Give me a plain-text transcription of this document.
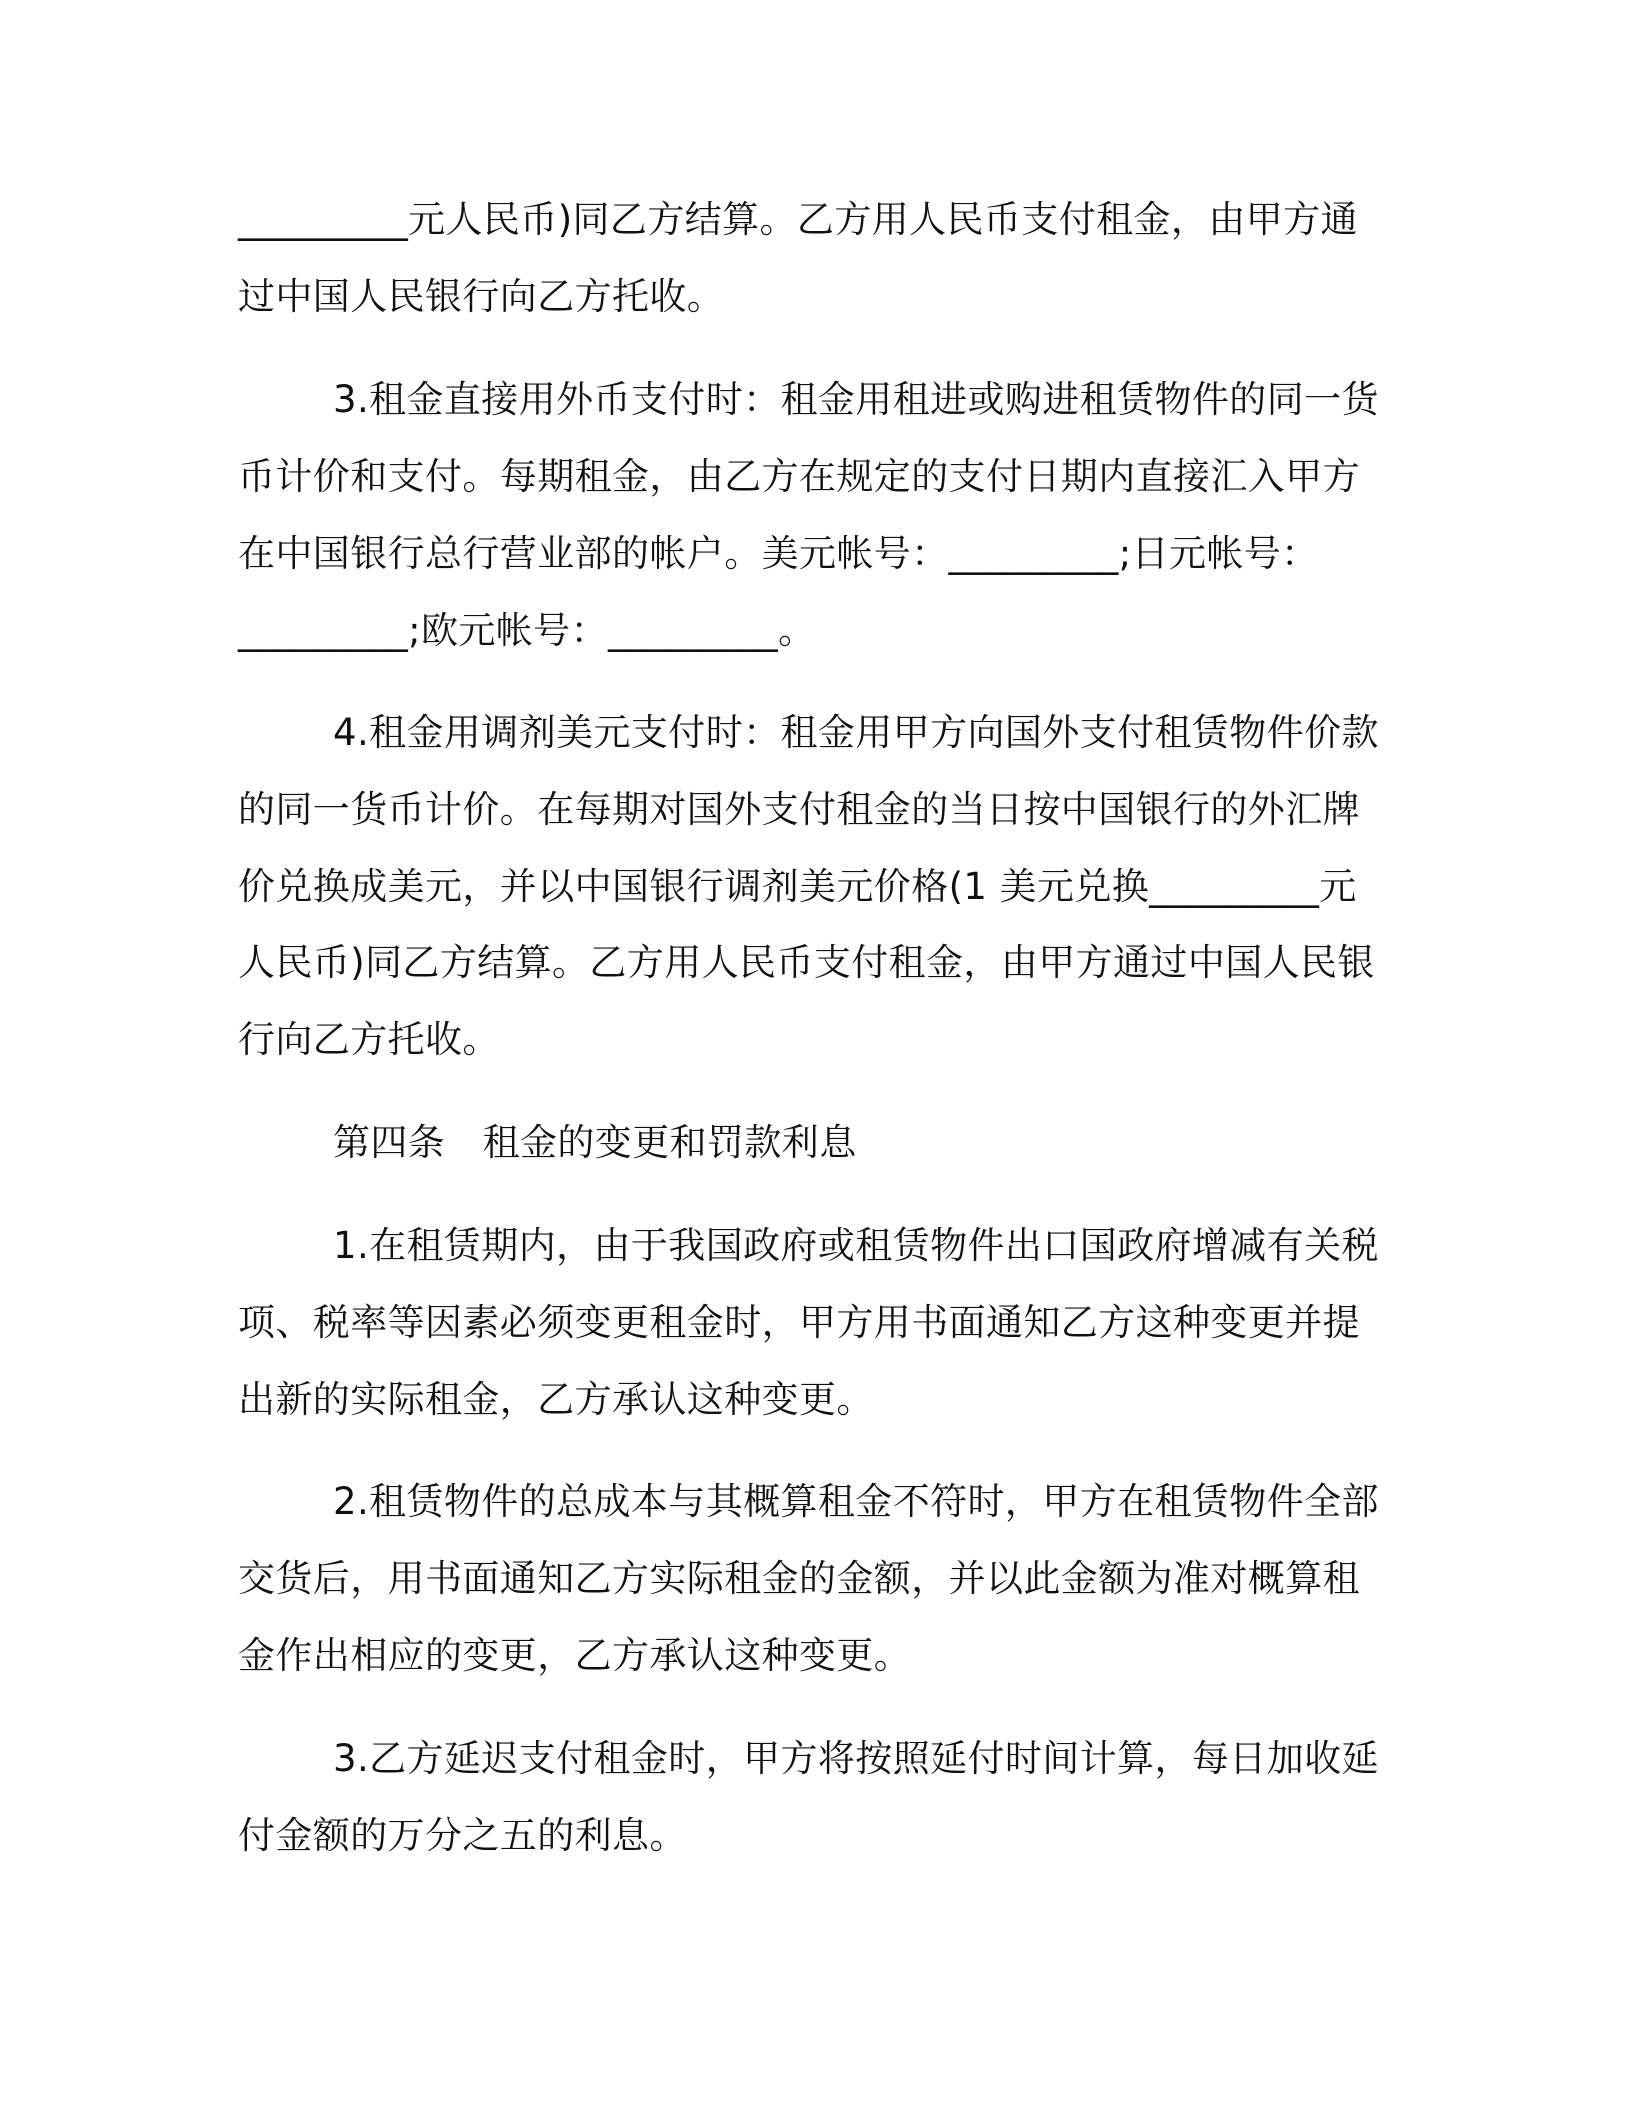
_________元人民币)同乙方结算。乙方用人民币支付租金，由甲方通
过中国人民银行向乙方托收。
3.租金直接用外币支付时：租金用租进或购进租赁物件的同一货
币计价和支付。每期租金，由乙方在规定的支付日期内直接汇入甲方
在中国银行总行营业部的帐户。美元帐号：_________;日元帐号：
_________;欧元帐号：_________。
4.租金用调剂美元支付时：租金用甲方向国外支付租赁物件价款
的同一货币计价。在每期对国外支付租金的当日按中国银行的外汇牌
价兑换成美元，并以中国银行调剂美元价格(1 美元兑换_________元
人民币)同乙方结算。乙方用人民币支付租金，由甲方通过中国人民银
行向乙方托收。
第四条　租金的变更和罚款利息
1.在租赁期内，由于我国政府或租赁物件出口国政府增减有关税
项、税率等因素必须变更租金时，甲方用书面通知乙方这种变更并提
出新的实际租金，乙方承认这种变更。
2.租赁物件的总成本与其概算租金不符时，甲方在租赁物件全部
交货后，用书面通知乙方实际租金的金额，并以此金额为准对概算租
金作出相应的变更，乙方承认这种变更。
3.乙方延迟支付租金时，甲方将按照延付时间计算，每日加收延
付金额的万分之五的利息。
